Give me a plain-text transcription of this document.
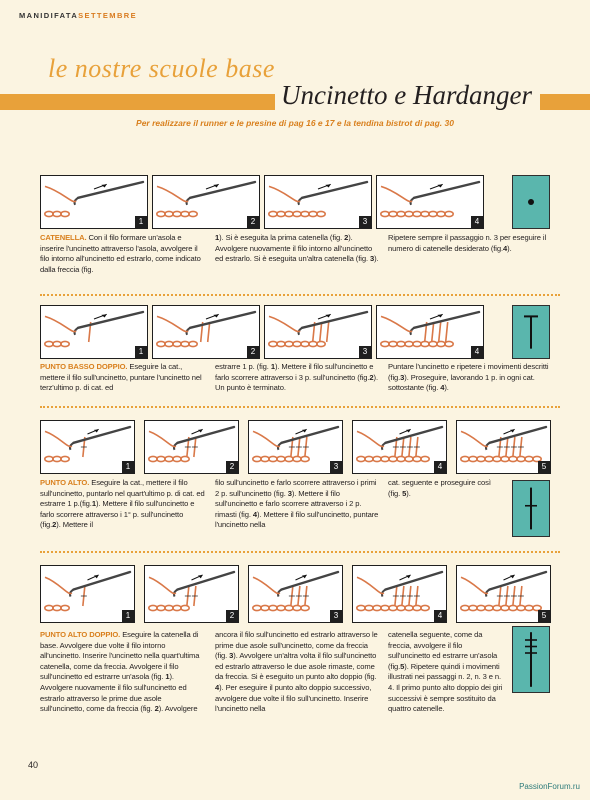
MANIDIFATASETTEMBRE
le nostre scuole base
Uncinetto e Hardanger
Per realizzare il runner e le presine di pag 16 e 17 e la tendina bistrot di pag. 30
1	2	3	4

CATENELLA. Con il filo formare un'asola e inserire l'uncinetto attraverso l'asola, avvolgere il filo intorno all'uncinetto ed estrarlo, come indicato dalla freccia (fig.

1). Si è eseguita la prima catenella (fig. 2). Avvolgere nuovamente il filo intorno all'uncinetto ed estrarlo. Si è eseguita un'altra catenella (fig. 3).

Ripetere sempre il passaggio n. 3 per eseguire il numero di catenelle desiderato (fig.4).

1	2	3	4

PUNTO BASSO DOPPIO. Eseguire la cat., mettere il filo sull'uncinetto, puntare l'uncinetto nel terz'ultimo p. di cat. ed

estrarre 1 p. (fig. 1). Mettere il filo sull'uncinetto e farlo scorrere attraverso i 3 p. sull'uncinetto (fig.2). Un punto è terminato.

Puntare l'uncinetto e ripetere i movimenti descritti (fig.3). Proseguire, lavorando 1 p. in ogni cat. sottostante (fig. 4).

1	2	3	4	5

PUNTO ALTO. Eseguire la cat., mettere il filo sull'uncinetto, puntarlo nel quart'ultimo p. di cat. ed estrarre 1 p.(fig.1). Mettere il filo sull'uncinetto e farlo scorrere attraverso i 1° p. sull'uncinetto (fig.2). Mettere il

filo sull'uncinetto e farlo scorrere attraverso i primi 2 p. sull'uncinetto (fig. 3). Mettere il filo sull'uncinetto e farlo scorrere attraverso i 2 p. rimasti (fig. 4). Mettere il filo sull'uncinetto, puntare l'uncinetto nella

cat. seguente e proseguire così (fig. 5).

1	2	3	4	5

PUNTO ALTO DOPPIO. Eseguire la catenella di base. Avvolgere due volte il filo intorno all'uncinetto. Inserire l'uncinetto nella quart'ultima catenella, come da freccia. Avvolgere il filo sull'uncinetto ed estrarre un'asola (fig. 1). Avvolgere nuovamente il filo sull'uncinetto ed estrarlo attraverso le prime due asole sull'uncinetto, come da freccia (fig. 2). Avvolgere

ancora il filo sull'uncinetto ed estrarlo attraverso le prime due asole sull'uncinetto, come da freccia (fig. 3). Avvolgere un'altra volta il filo sull'uncinetto ed estrarlo attraverso le due asole rimaste, come da freccia. Si è eseguito un punto alto doppio (fig. 4). Per eseguire il punto alto doppio successivo, avvolgere due volte il filo sull'uncinetto. Inserire l'uncinetto nella

catenella seguente, come da freccia, avvolgere il filo sull'uncinetto ed estrarre un'asola (fig.5). Ripetere quindi i movimenti illustrati nei passaggi n. 2, n. 3 e n. 4. Il primo punto alto doppio dei giri successivi è sempre sostituito da quattro catenelle.

40
PassionForum.ru
